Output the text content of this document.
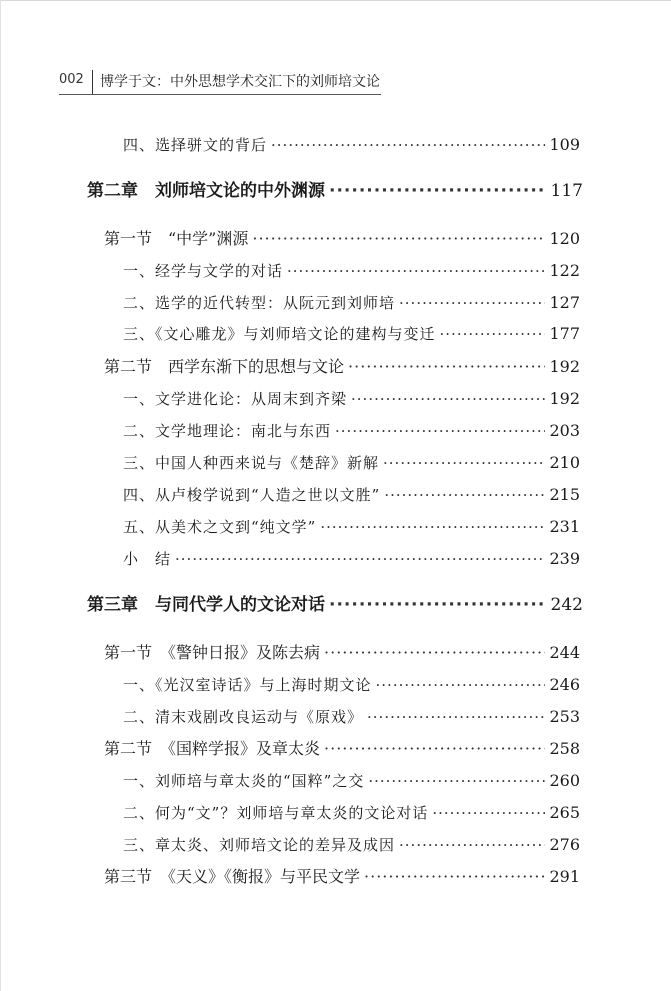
002 博学于文：中外思想学术交汇下的刘师培文论
四、选择骈文的背后 ·····	109
第二章　刘师培文论的中外渊源 ·····	117
第一节　“中学”渊源 ·····	120
一、经学与文学的对话 ·····	122
二、选学的近代转型：从阮元到刘师培 ·····	127
三、《文心雕龙》与刘师培文论的建构与变迁 ·····	177
第二节　西学东渐下的思想与文论 ·····	192
一、文学进化论：从周末到齐梁 ·····	192
二、文学地理论：南北与东西 ·····	203
三、中国人种西来说与《楚辞》新解 ·····	210
四、从卢梭学说到“人造之世以文胜” ·····	215
五、从美术之文到“纯文学” ·····	231
小　结 ·····	239
第三章　与同代学人的文论对话 ·····	242
第一节　《警钟日报》及陈去病 ·····	244
一、《光汉室诗话》与上海时期文论 ·····	246
二、清末戏剧改良运动与《原戏》 ·····	253
第二节　《国粹学报》及章太炎 ·····	258
一、刘师培与章太炎的“国粹”之交 ·····	260
二、何为“文”？刘师培与章太炎的文论对话 ·····	265
三、章太炎、刘师培文论的差异及成因 ·····	276
第三节　《天义》《衡报》与平民文学 ·····	291
